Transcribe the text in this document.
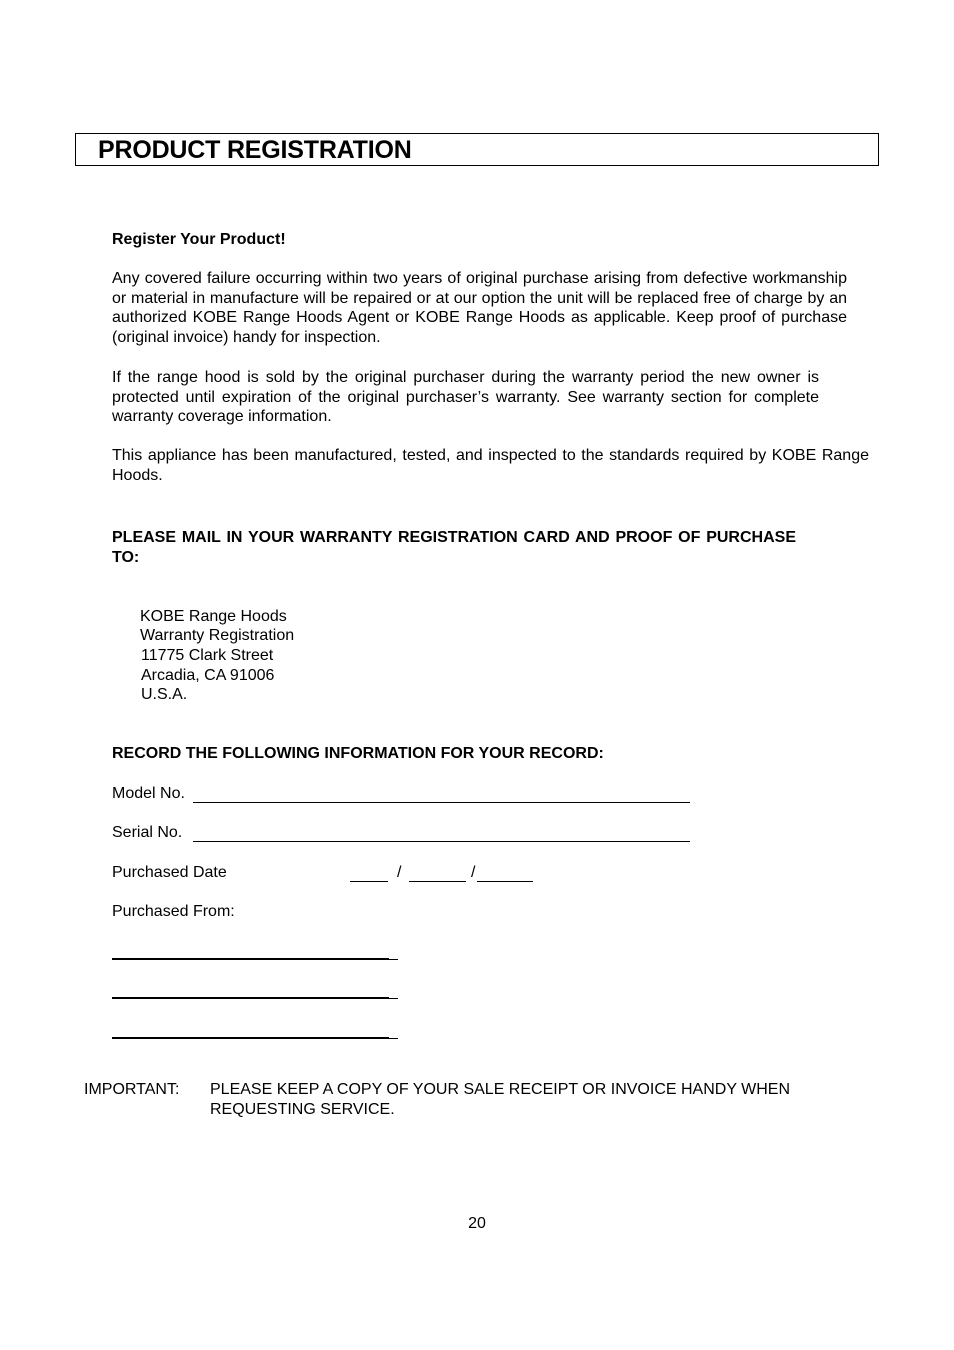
PRODUCT REGISTRATION
Register Your Product!
Any covered failure occurring within two years of original purchase arising from defective workmanship or material in manufacture will be repaired or at our option the unit will be replaced free of charge by an authorized KOBE Range Hoods Agent or KOBE Range Hoods as applicable. Keep proof of purchase (original invoice) handy for inspection.
If the range hood is sold by the original purchaser during the warranty period the new owner is protected until expiration of the original purchaser’s warranty. See warranty section for complete warranty coverage information.
This appliance has been manufactured, tested, and inspected to the standards required by KOBE Range Hoods.
PLEASE MAIL IN YOUR WARRANTY REGISTRATION CARD AND PROOF OF PURCHASE TO:
KOBE Range Hoods
Warranty Registration
11775 Clark Street
Arcadia, CA 91006
U.S.A.
RECORD THE FOLLOWING INFORMATION FOR YOUR RECORD:
Model No.
Serial No.
Purchased Date	/	/
Purchased From:
IMPORTANT: PLEASE KEEP A COPY OF YOUR SALE RECEIPT OR INVOICE HANDY WHEN REQUESTING SERVICE.
20
